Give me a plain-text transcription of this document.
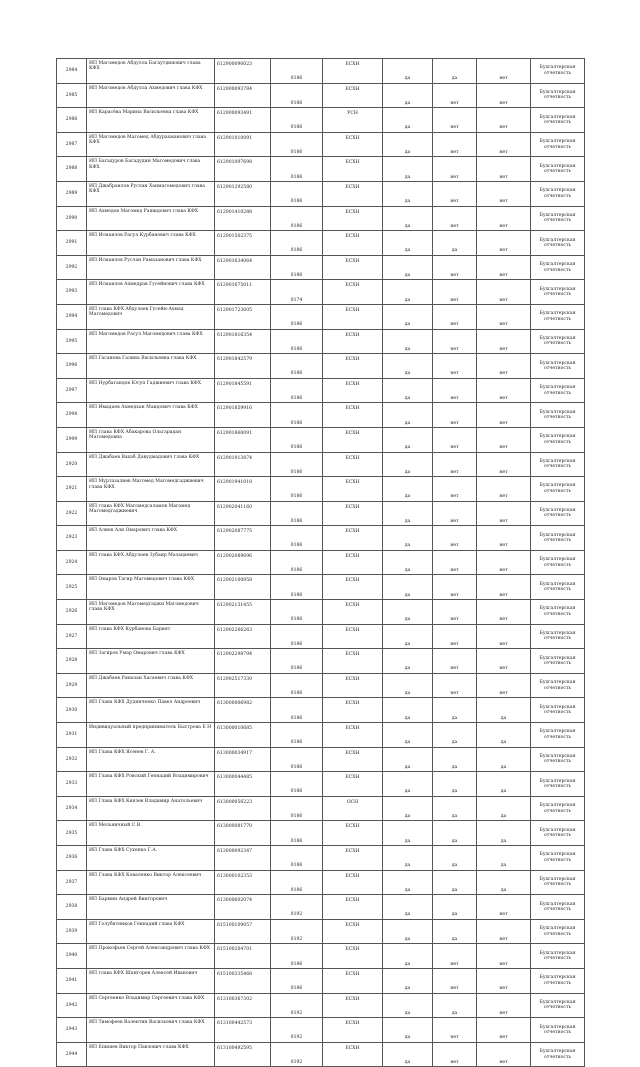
2984	ИП Магомедов Абдулла Багаутдинович глава КФХ	612900090023	0186	ЕСХН	да	да	нет	Бухгалтерская
отчетность

2985	ИП Магомедов Абдулла Ахмедович глава КФХ	612900093784	0186	ЕСХН	да	нет	нет	Бухгалтерская
отчетность

2986	ИП Карасёва Марина Васильевна глава КФХ	612900093491	0186	УСН	да	нет	нет	Бухгалтерская
отчетность

2987	ИП Магомедов Магомед Абдурахманович глава КФХ	612901010091	0186	ЕСХН	да	нет	нет	Бухгалтерская
отчетность

2988	ИП Багадуров Багадудин Магомедович глава КФХ	612901097698	0186	ЕСХН	да	нет	нет	Бухгалтерская
отчетность

2989	ИП Джабраилов Руслан Ханмагомедович глава КФХ	612901292580	0186	ЕСХН	да	нет	нет	Бухгалтерская
отчетность

2990	ИП Ахмедов Магомед Рашидович глава КФХ	612901410288	0186	ЕСХН	да	нет	нет	Бухгалтерская
отчетность

2991	ИП Исмаилов Расул Курбанович глава КФХ	612901502375	0186	ЕСХН	да	да	нет	Бухгалтерская
отчетность

2992	ИП Исмаилов Руслан Рамазанович глава КФХ	612901634064	0186	ЕСХН	да	нет	нет	Бухгалтерская
отчетность

2993	ИП Исмаилов Ахмедрав Гусейнович глава КФХ	612901675011	0174	ЕСХН	да	нет	нет	Бухгалтерская
отчетность

2994	ИП глава КФХ Абдулаев Гусейн-Ахмад Магомедович	612901723605	0186	ЕСХН	да	нет	нет	Бухгалтерская
отчетность

2995	ИП Магомедов Расул Магомедович глава КФХ	612901816354	0186	ЕСХН	да	нет	нет	Бухгалтерская
отчетность

2996	ИП Гасанова Галина Васильевна глава КФХ	612901842579	0186	ЕСХН	да	нет	нет	Бухгалтерская
отчетность

2997	ИП Нурбагандов Юсуп Гаджиевич глава КФХ	612901845591	0186	ЕСХН	да	нет	нет	Бухгалтерская
отчетность

2998	ИП Имадаев Ахмедхан Маидович глава КФХ	612901859916	0186	ЕСХН	да	нет	нет	Бухгалтерская
отчетность

2999	ИП глава КФХ Абакарова Ольгарадан Магомедовна	612901860091	0186	ЕСХН	да	нет	нет	Бухгалтерская
отчетность

2920	ИП Джабаев Вахаб Давудмадович глава КФХ	612901913874	0186	ЕСХН	да	нет	нет	Бухгалтерская
отчетность

2921	ИП Муртазалиев Магомед Магомедгаджиевич глава КФХ	612901941018	0186	ЕСХН	да	нет	нет	Бухгалтерская
отчетность

2922	ИП глава КФХ Магомедсаламов Магомед Магомедгаджиевич	612902041160	0186	ЕСХН	да	нет	нет	Бухгалтерская
отчетность

2923	ИП Алиев Али Омарович глава КФХ	612902087775	0186	ЕСХН	да	нет	нет	Бухгалтерская
отчетность

2924	ИП глава КФХ Абдулаев Зубаир Мазацаевич	612902089696	0186	ЕСХН	да	нет	нет	Бухгалтерская
отчетность

2925	ИП Омаров Тагир Магомедович глава КФХ	612902100958	0186	ЕСХН	да	нет	нет	Бухгалтерская
отчетность

2926	ИП Магомедов Магомедгаджи Магомедович глава КФХ	612902131455	0186	ЕСХН	да	нет	нет	Бухгалтерская
отчетность

2927	ИП глава КФХ Курбанова Барият	612902266263	0186	ЕСХН	да	нет	нет	Бухгалтерская
отчетность

2928	ИП Загиров Умар Омарович глава КФХ	612902298794	0186	ЕСХН	да	нет	нет	Бухгалтерская
отчетность

2929	ИП Джабаев Рамазан Хасаевич глава КФХ	612902517330	0186	ЕСХН	да	нет	нет	Бухгалтерская
отчетность

2930	ИП Глава КФХ Дудниченко Павел Андреевич	613000006982	0186	ЕСХН	да	да	да	Бухгалтерская
отчетность

2931	Индивидуальный предприниматель Быстрова Е Н	613000010685	0186	ЕСХН	да	да	да	Бухгалтерская
отчетность

2932	ИП Глава КФХ Ясенев Г. А.	613000034917	0186	ЕСХН	да	да	да	Бухгалтерская
отчетность

2933	ИП Глава КФХ Ровский Геннадий Владимирович	613000044485	0186	ЕСХН	да	да	да	Бухгалтерская
отчетность

2934	ИП Глава КФХ Князев Владимир Анатольевич	613000056223	0186	ОСН	да	да	да	Бухгалтерская
отчетность

2935	ИП Мельничный С.В.	613000081770	0186	ЕСХН	да	да	да	Бухгалтерская
отчетность

2936	ИП Глава КФХ Сухенко Г.А.	613000092347	0186	ЕСХН	да	да	да	Бухгалтерская
отчетность

2937	ИП Глава КФХ Коваленко Виктор Алексеевич	613000102353	0186	ЕСХН	да	да	да	Бухгалтерская
отчетность

2938	ИП Бармин Андрей Викторович	613000602074	0192	ЕСХН	да	да	нет	Бухгалтерская
отчетность

2939	ИП Голубятников Геннадий глава КФХ	615100109057	0192	ЕСХН	да	да	нет	Бухгалтерская
отчетность

2940	ИП Прокофьев Сергей Александрович глава КФХ	615100204701	0186	ЕСХН	да	нет	нет	Бухгалтерская
отчетность

2941	ИП глава КФХ Шпигорев Алексей Иванович	615100335468	0186	ЕСХН	да	нет	нет	Бухгалтерская
отчетность

2942	ИП Сергеенко Владимир Сергеевич глава КФХ	613100367302	0192	ЕСХН	да	да	нет	Бухгалтерская
отчетность

2943	ИП Тимофеев Валентин Васильевич глава КФХ	613100442573	0192	ЕСХН	да	нет	нет	Бухгалтерская
отчетность

2944	ИП Епишев Виктор Павлович глава КФХ	613100492595	0192	ЕСХН	да	нет	нет	Бухгалтерская
отчетность
